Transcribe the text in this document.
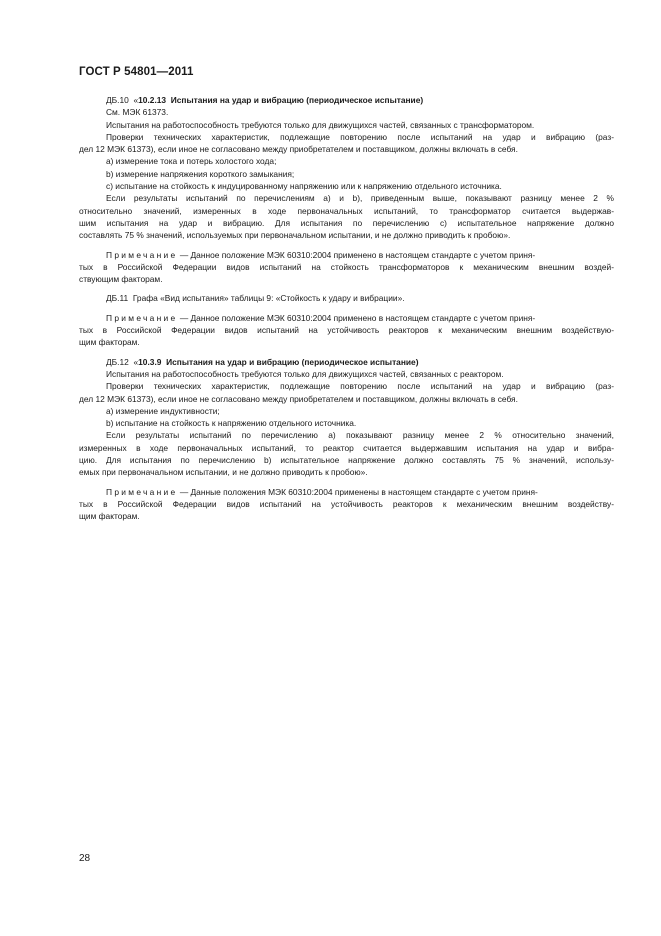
ГОСТ Р 54801—2011
ДБ.10 «10.2.13 Испытания на удар и вибрацию (периодическое испытание)
См. МЭК 61373.
Испытания на работоспособность требуются только для движущихся частей, связанных с трансформатором.
Проверки технических характеристик, подлежащие повторению после испытаний на удар и вибрацию (раз-
дел 12 МЭК 61373), если иное не согласовано между приобретателем и поставщиком, должны включать в себя.
a) измерение тока и потерь холостого хода;
b) измерение напряжения короткого замыкания;
c) испытание на стойкость к индуцированному напряжению или к напряжению отдельного источника.
Если результаты испытаний по перечислениям а) и b), приведенным выше, показывают разницу менее 2 %
относительно значений, измеренных в ходе первоначальных испытаний, то трансформатор считается выдержав-
шим испытания на удар и вибрацию. Для испытания по перечислению с) испытательное напряжение должно
составлять 75 % значений, используемых при первоначальном испытании, и не должно приводить к пробою».
Примечание — Данное положение МЭК 60310:2004 применено в настоящем стандарте с учетом приня-
тых в Российской Федерации видов испытаний на стойкость трансформаторов к механическим внешним воздей-
ствующим факторам.
ДБ.11 Графа «Вид испытания» таблицы 9: «Стойкость к удару и вибрации».
Примечание — Данное положение МЭК 60310:2004 применено в настоящем стандарте с учетом приня-
тых в Российской Федерации видов испытаний на устойчивость реакторов к механическим внешним воздействую-
щим факторам.
ДБ.12 «10.3.9 Испытания на удар и вибрацию (периодическое испытание)
Испытания на работоспособность требуются только для движущихся частей, связанных с реактором.
Проверки технических характеристик, подлежащие повторению после испытаний на удар и вибрацию (раз-
дел 12 МЭК 61373), если иное не согласовано между приобретателем и поставщиком, должны включать в себя.
a) измерение индуктивности;
b) испытание на стойкость к напряжению отдельного источника.
Если результаты испытаний по перечислению а) показывают разницу менее 2 % относительно значений,
измеренных в ходе первоначальных испытаний, то реактор считается выдержавшим испытания на удар и вибра-
цию. Для испытания по перечислению b) испытательное напряжение должно составлять 75 % значений, использу-
емых при первоначальном испытании, и не должно приводить к пробою».
Примечание — Данные положения МЭК 60310:2004 применены в настоящем стандарте с учетом приня-
тых в Российской Федерации видов испытаний на устойчивость реакторов к механическим внешним воздейству-
щим факторам.
28
